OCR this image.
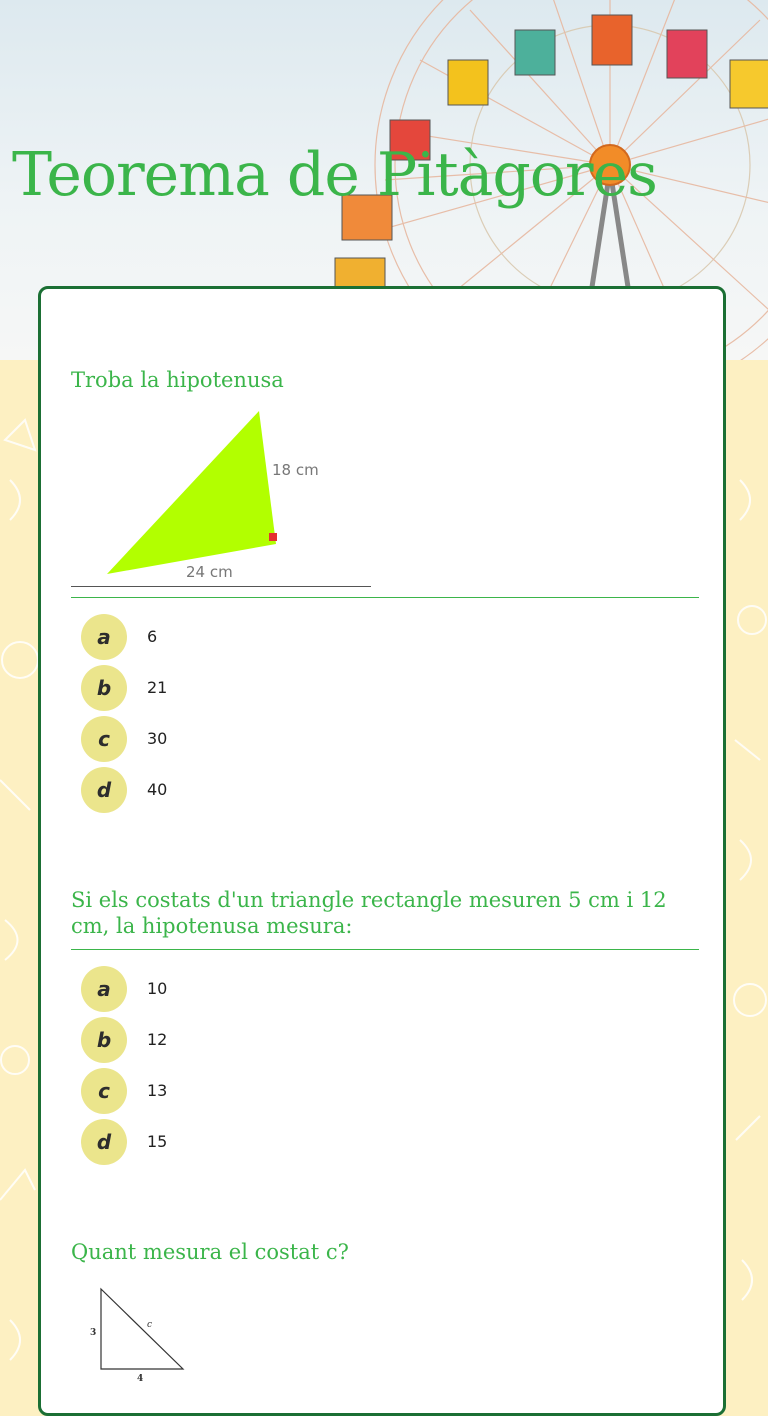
Teorema de Pitàgores

Troba la hipotenusa

18 cm
24 cm
a	6
b	21
c	30
d	40

Si els costats d'un triangle rectangle mesuren 5 cm i 12 cm, la hipotenusa mesura:

a	10
b	12
c	13
d	15

Quant mesura el costat c?

3
4
c
